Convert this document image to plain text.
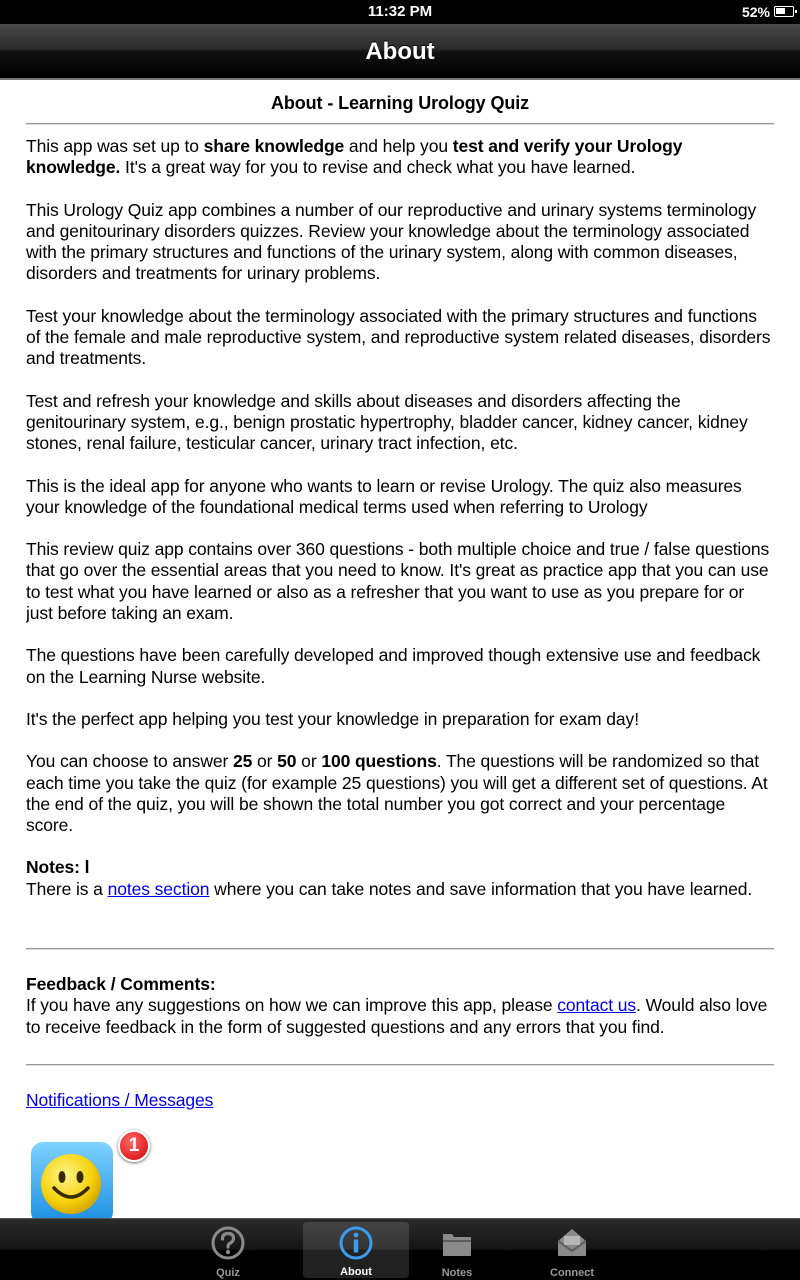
11:32 PM	52%
About
About - Learning Urology Quiz

This app was set up to share knowledge and help you test and verify your Urology knowledge. It's a great way for you to revise and check what you have learned.

This Urology Quiz app combines a number of our reproductive and urinary systems terminology and genitourinary disorders quizzes. Review your knowledge about the terminology associated with the primary structures and functions of the urinary system, along with common diseases, disorders and treatments for urinary problems.

Test your knowledge about the terminology associated with the primary structures and functions of the female and male reproductive system, and reproductive system related diseases, disorders and treatments.

Test and refresh your knowledge and skills about diseases and disorders affecting the genitourinary system, e.g., benign prostatic hypertrophy, bladder cancer, kidney cancer, kidney stones, renal failure, testicular cancer, urinary tract infection, etc.

This is the ideal app for anyone who wants to learn or revise Urology. The quiz also measures your knowledge of the foundational medical terms used when referring to Urology

This review quiz app contains over 360 questions - both multiple choice and true / false questions that go over the essential areas that you need to know. It's great as practice app that you can use to test what you have learned or also as a refresher that you want to use as you prepare for or just before taking an exam.

The questions have been carefully developed and improved though extensive use and feedback on the Learning Nurse website.

It's the perfect app helping you test your knowledge in preparation for exam day!

You can choose to answer 25 or 50 or 100 questions. The questions will be randomized so that each time you take the quiz (for example 25 questions) you will get a different set of questions. At the end of the quiz, you will be shown the total number you got correct and your percentage score.

Notes: l
There is a notes section where you can take notes and save information that you have learned.
Feedback / Comments:
If you have any suggestions on how we can improve this app, please contact us. Would also love to receive feedback in the form of suggested questions and any errors that you find.
Notifications / Messages
1
Quiz	About	Notes	Connect
